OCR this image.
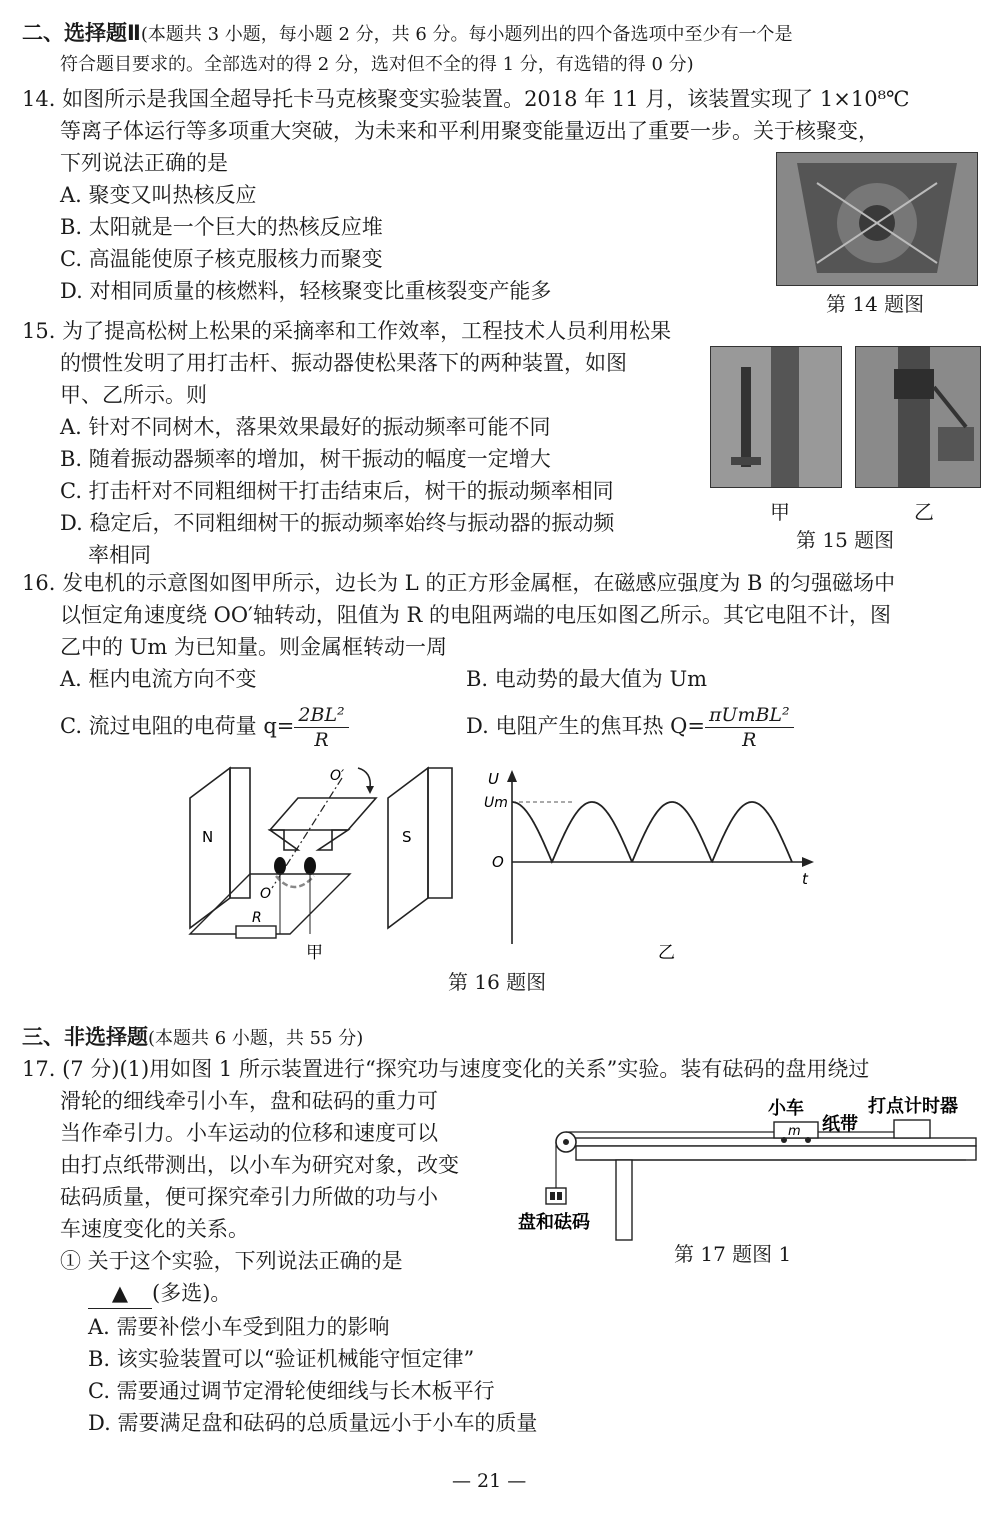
二、选择题Ⅱ(本题共 3 小题，每小题 2 分，共 6 分。每小题列出的四个备选项中至少有一个是
符合题目要求的。全部选对的得 2 分，选对但不全的得 1 分，有选错的得 0 分)
14. 如图所示是我国全超导托卡马克核聚变实验装置。2018 年 11 月，该装置实现了 1×10⁸℃
等离子体运行等多项重大突破，为未来和平利用聚变能量迈出了重要一步。关于核聚变，
下列说法正确的是
A. 聚变又叫热核反应
B. 太阳就是一个巨大的热核反应堆
C. 高温能使原子核克服核力而聚变
D. 对相同质量的核燃料，轻核聚变比重核裂变产能多
第 14 题图
15. 为了提高松树上松果的采摘率和工作效率，工程技术人员利用松果
的惯性发明了用打击杆、振动器使松果落下的两种装置，如图
甲、乙所示。则
A. 针对不同树木，落果效果最好的振动频率可能不同
B. 随着振动器频率的增加，树干振动的幅度一定增大
C. 打击杆对不同粗细树干打击结束后，树干的振动频率相同
D. 稳定后，不同粗细树干的振动频率始终与振动器的振动频
率相同
甲	乙
第 15 题图
16. 发电机的示意图如图甲所示，边长为 L 的正方形金属框，在磁感应强度为 B 的匀强磁场中
以恒定角速度绕 OO′轴转动，阻值为 R 的电阻两端的电压如图乙所示。其它电阻不计，图
乙中的 Um 为已知量。则金属框转动一周
A. 框内电流方向不变	B. 电动势的最大值为 Um
C. 流过电阻的电荷量 $q= \frac{\text{2BL²}}{R}$	D. 电阻产生的焦耳热 $Q= \frac{\text{πUmBL²}}{R}$
N	S
O′
O
R
甲
U
Um
O
t
乙
第 16 题图
三、非选择题(本题共 6 小题，共 55 分)
17. (7 分)(1)用如图 1 所示装置进行“探究功与速度变化的关系”实验。装有砝码的盘用绕过
滑轮的细线牵引小车，盘和砝码的重力可
当作牵引力。小车运动的位移和速度可以
由打点纸带测出，以小车为研究对象，改变
砝码质量，便可探究牵引力所做的功与小
车速度变化的关系。
① 关于这个实验，下列说法正确的是
▲ (多选)。
A. 需要补偿小车受到阻力的影响
B. 该实验装置可以“验证机械能守恒定律”
C. 需要通过调节定滑轮使细线与长木板平行
D. 需要满足盘和砝码的总质量远小于小车的质量
小车
纸带
打点计时器
盘和砝码
m
第 17 题图 1
— 21 —
